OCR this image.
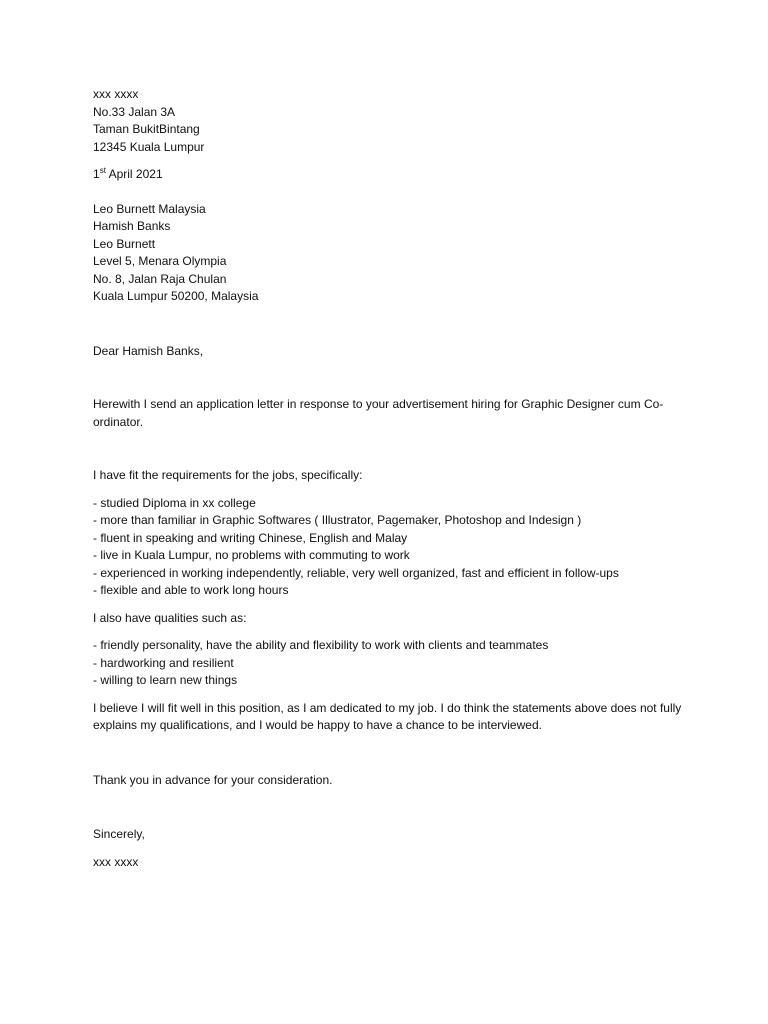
xxx xxxx
No.33 Jalan 3A
Taman BukitBintang
12345 Kuala Lumpur
1st April 2021
Leo Burnett Malaysia
Hamish Banks
Leo Burnett
Level 5, Menara Olympia
No. 8, Jalan Raja Chulan
Kuala Lumpur 50200, Malaysia
Dear Hamish Banks,
Herewith I send an application letter in response to your advertisement hiring for Graphic Designer cum Co-ordinator.
I have fit the requirements for the jobs, specifically:
- studied Diploma in xx college
- more than familiar in Graphic Softwares ( Illustrator, Pagemaker, Photoshop and Indesign )
- fluent in speaking and writing Chinese, English and Malay
- live in Kuala Lumpur, no problems with commuting to work
- experienced in working independently, reliable, very well organized, fast and efficient in follow-ups
- flexible and able to work long hours
I also have qualities such as:
- friendly personality, have the ability and flexibility to work with clients and teammates
- hardworking and resilient
- willing to learn new things
I believe I will fit well in this position, as I am dedicated to my job. I do think the statements above does not fully explains my qualifications, and I would be happy to have a chance to be interviewed.
Thank you in advance for your consideration.
Sincerely,
xxx xxxx
